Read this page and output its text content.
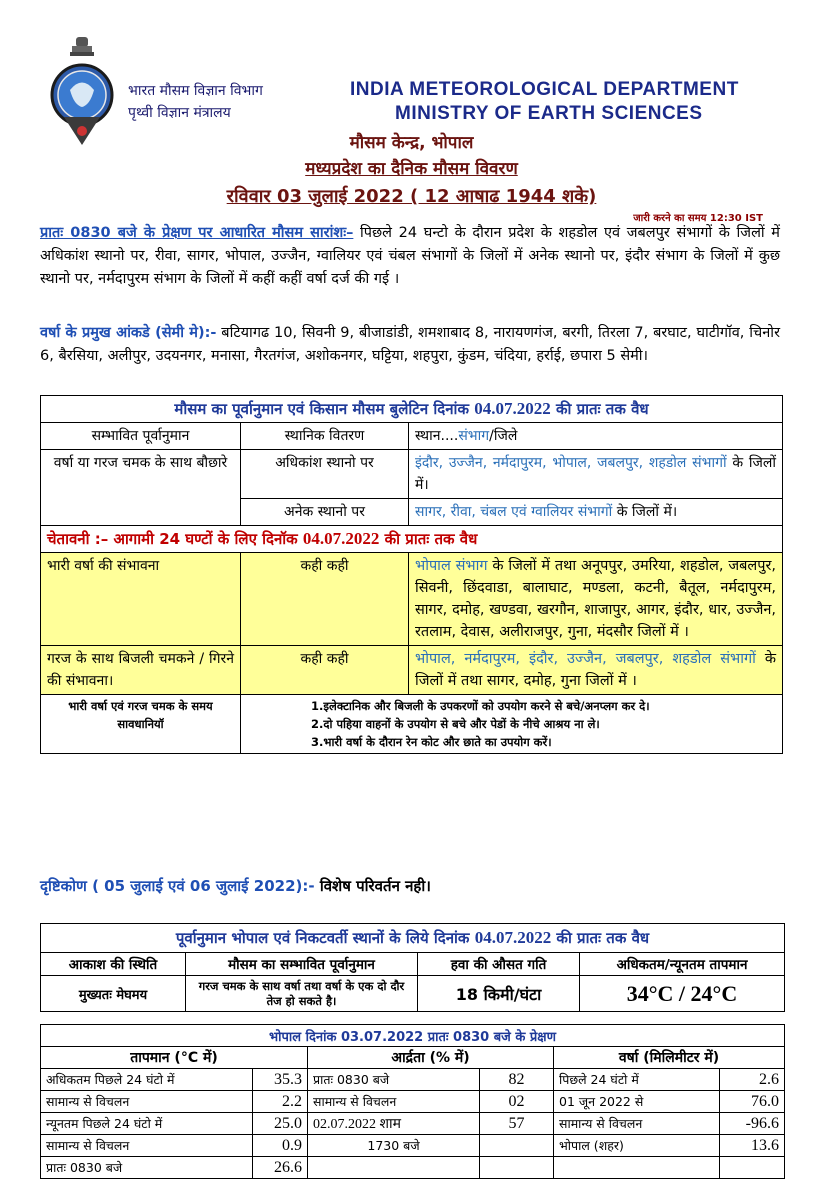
भारत मौसम विज्ञान विभाग
पृथ्वी विज्ञान मंत्रालय
INDIA METEOROLOGICAL DEPARTMENT
MINISTRY OF EARTH SCIENCES
मौसम केन्द्र, भोपाल
मध्यप्रदेश का दैनिक मौसम विवरण
रविवार 03 जुलाई 2022 ( 12 आषाढ 1944 शके)
जारी करने का समय 12:30 IST
प्रातः 0830 बजे के प्रेक्षण पर आधारित मौसम सारांशः– पिछले 24 घन्टो के दौरान प्रदेश के शहडोल एवं जबलपुर संभागों के जिलों में अधिकांश स्थानो पर, रीवा, सागर, भोपाल, उज्जैन, ग्वालियर एवं चंबल संभागों के जिलों में अनेक स्थानो पर, इंदौर संभाग के जिलों में कुछ स्थानो पर, नर्मदापुरम संभाग के जिलों में कहीं कहीं वर्षा दर्ज की गई ।
वर्षा के प्रमुख आंकडे (सेमी मे):- बटियागढ 10, सिवनी 9, बीजाडांडी, शमशाबाद 8, नारायणगंज, बरगी, तिरला 7, बरघाट, घाटीगॉव, चिनोर 6, बैरसिया, अलीपुर, उदयनगर, मनासा, गैरतगंज, अशोकनगर, घट्टिया, शहपुरा, कुंडम, चंदिया, हर्राई, छपारा 5 सेमी।
मौसम का पूर्वानुमान एवं किसान मौसम बुलेटिन दिनांक 04.07.2022 की प्रातः तक वैध		
सम्भावित पूर्वानुमान	स्थानिक वितरण	स्थान....संभाग/जिले
वर्षा या गरज चमक के साथ बौछारे	अधिकांश स्थानो पर	इंदौर, उज्जैन, नर्मदापुरम, भोपाल, जबलपुर, शहडोल संभागों के जिलों में।
	अनेक स्थानो पर	सागर, रीवा, चंबल एवं ग्वालियर संभागों के जिलों में।
चेतावनी :– आगामी 24 घण्टों के लिए दिनॉक 04.07.2022 की प्रातः तक वैध		
भारी वर्षा की संभावना	कही कही	भोपाल संभाग के जिलों में तथा अनूपपुर, उमरिया, शहडोल, जबलपुर, सिवनी, छिंदवाडा, बालाघाट, मण्डला, कटनी, बैतूल, नर्मदापुरम, सागर, दमोह, खण्डवा, खरगौन, शाजापुर, आगर, इंदौर, धार, उज्जैन, रतलाम, देवास, अलीराजपुर, गुना, मंदसौर जिलों में ।
गरज के साथ बिजली चमकने / गिरने की संभावना।	कही कही	भोपाल, नर्मदापुरम, इंदौर, उज्जैन, जबलपुर, शहडोल संभागों के जिलों में तथा सागर, दमोह, गुना जिलों में ।
भारी वर्षा एवं गरज चमक के समय सावधानियॉ	1.इलेक्टानिक और बिजली के उपकरणों को उपयोग करने से बचे/अनप्लग कर दे।
2.दो पहिया वाहनों के उपयोग से बचे और पेडों के नीचे आश्रय ना ले।
3.भारी वर्षा के दौरान रेन कोट और छाते का उपयोग करें।	
दृष्टिकोण ( 05 जुलाई एवं 06 जुलाई 2022):- विशेष परिवर्तन नही।
पूर्वानुमान भोपाल एवं निकटवर्ती स्थानों के लिये दिनांक 04.07.2022 की प्रातः तक वैध			
आकाश की स्थिति	मौसम का सम्भावित पूर्वानुमान	हवा की औसत गति	अधिकतम/न्यूनतम तापमान
मुख्यतः मेघमय	गरज चमक के साथ वर्षा तथा वर्षा के एक दो दौर तेज हो सकते है।	18 किमी/घंटा	34°C / 24°C
भोपाल दिनांक 03.07.2022 प्रातः 0830 बजे के प्रेक्षण					
तापमान (°C में)		आर्द्रता (% में)		वर्षा (मिलिमीटर में)	
अधिकतम पिछले 24 घंटो में	35.3	प्रातः 0830 बजे	82	पिछले 24 घंटो में	2.6
सामान्य से विचलन	2.2	सामान्य से विचलन	02	01 जून 2022 से	76.0
न्यूनतम पिछले 24 घंटो में	25.0	02.07.2022 शाम	57	सामान्य से विचलन	-96.6
सामान्य से विचलन	0.9	1730 बजे		भोपाल (शहर)	13.6
प्रातः 0830 बजे	26.6				
